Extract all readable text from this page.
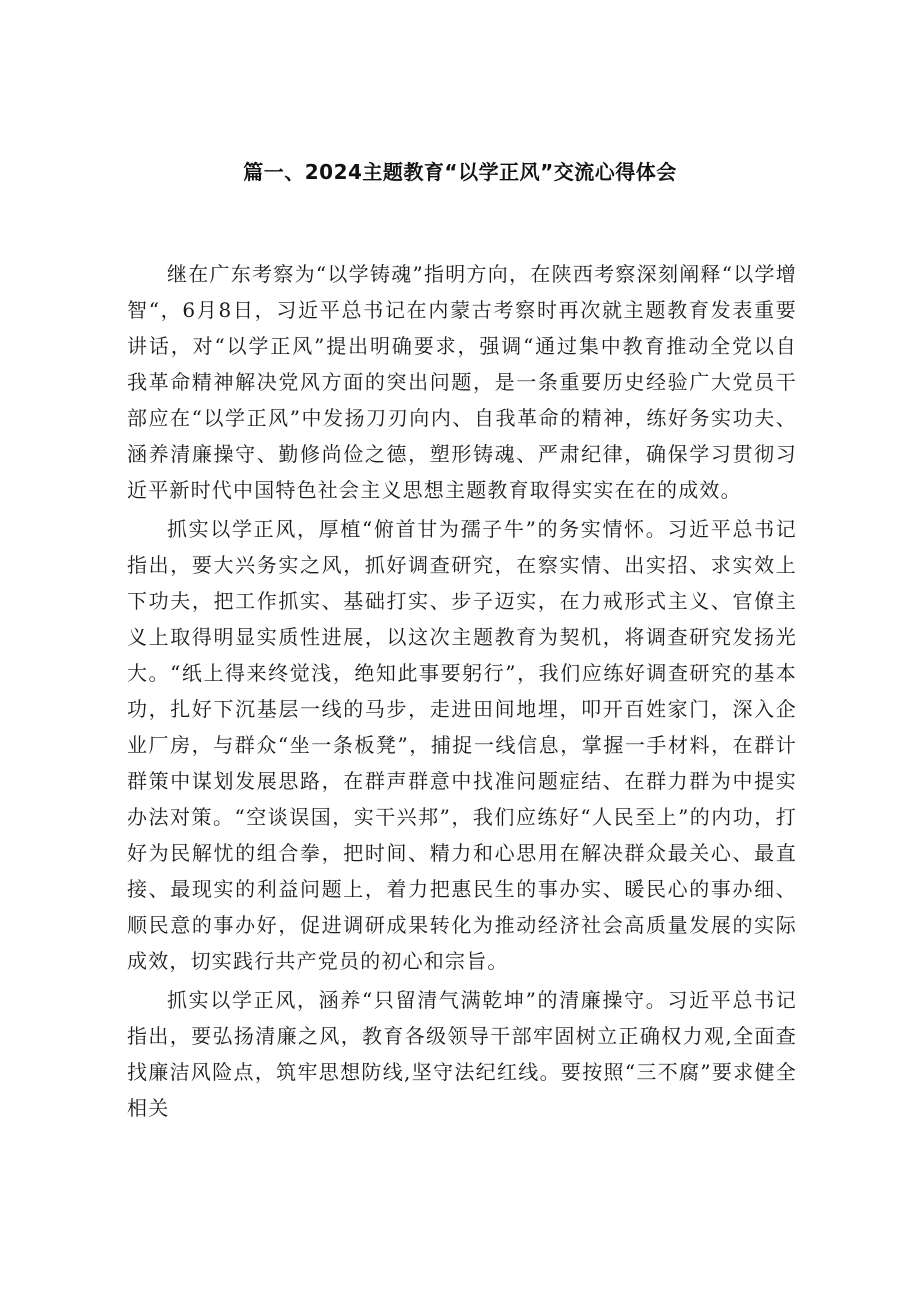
篇一、2024主题教育“以学正风”交流心得体会

继在广东考察为“以学铸魂”指明方向，在陕西考察深刻阐释“以学增智“，6月8日，习近平总书记在内蒙古考察时再次就主题教育发表重要讲话，对“以学正风”提出明确要求，强调“通过集中教育推动全党以自我革命精神解决党风方面的突出问题，是一条重要历史经验广大党员干部应在“以学正风”中发扬刀刃向内、自我革命的精神，练好务实功夫、涵养清廉操守、勤修尚俭之德，塑形铸魂、严肃纪律，确保学习贯彻习近平新时代中国特色社会主义思想主题教育取得实实在在的成效。

抓实以学正风，厚植“俯首甘为孺子牛”的务实情怀。习近平总书记指出，要大兴务实之风，抓好调查研究，在察实情、出实招、求实效上下功夫，把工作抓实、基础打实、步子迈实，在力戒形式主义、官僚主义上取得明显实质性进展，以这次主题教育为契机，将调查研究发扬光大。“纸上得来终觉浅，绝知此事要躬行”，我们应练好调查研究的基本功，扎好下沉基层一线的马步，走进田间地埋，叩开百姓家门，深入企业厂房，与群众“坐一条板凳”，捕捉一线信息，掌握一手材料，在群计群策中谋划发展思路，在群声群意中找准问题症结、在群力群为中提实办法对策。“空谈误国，实干兴邦”，我们应练好“人民至上”的内功，打好为民解忧的组合拳，把时间、精力和心思用在解决群众最关心、最直接、最现实的利益问题上，着力把惠民生的事办实、暖民心的事办细、顺民意的事办好，促进调研成果转化为推动经济社会高质量发展的实际成效，切实践行共产党员的初心和宗旨。

抓实以学正风，涵养“只留清气满乾坤”的清廉操守。习近平总书记指出，要弘扬清廉之风，教育各级领导干部牢固树立正确权力观,全面查找廉洁风险点，筑牢思想防线,坚守法纪红线。要按照“三不腐”要求健全相关
